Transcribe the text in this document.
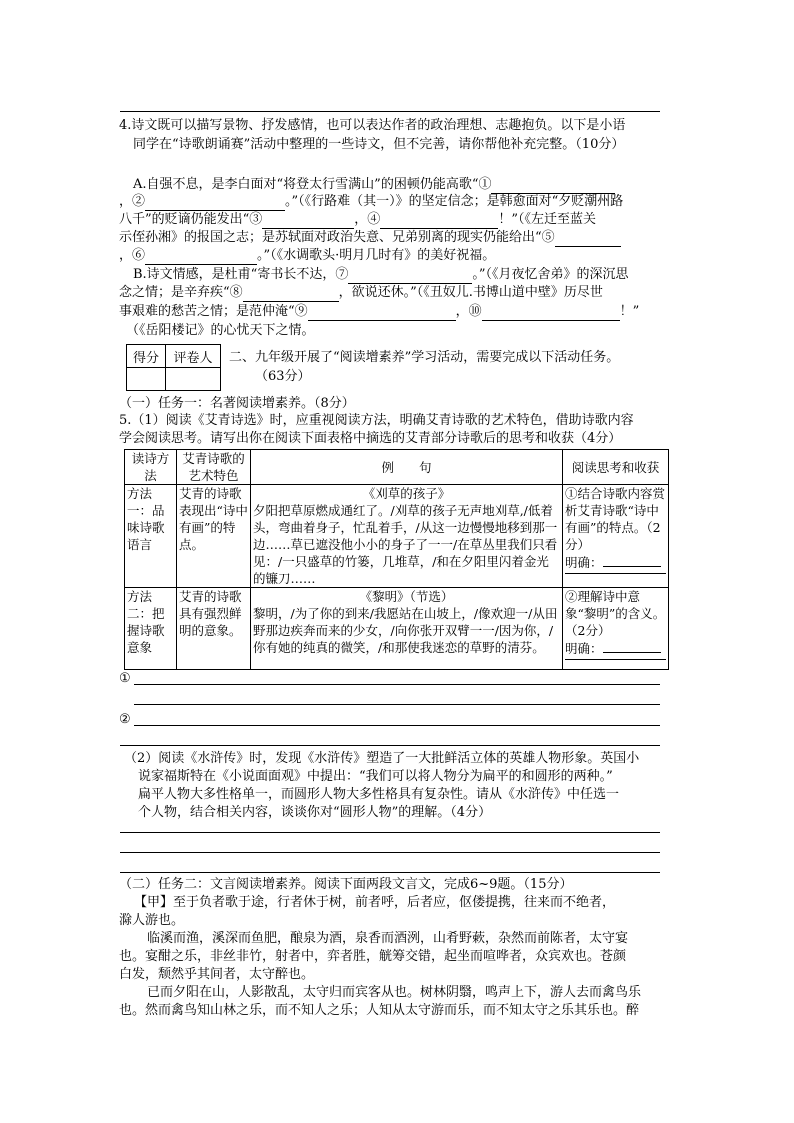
4.诗文既可以描写景物、抒发感情，也可以表达作者的政治理想、志趣抱负。以下是小语
同学在“诗歌朗诵赛”活动中整理的一些诗文，但不完善，请你帮他补充完整。（10分）
A.自强不息，是李白面对“将登太行雪满山”的困顿仍能高歌“①
，②	。”（《行路难（其一）》的坚定信念；是韩愈面对“夕贬潮州路
八千”的贬谪仍能发出“③	，④	！”（《左迁至蓝关
示侄孙湘》的报国之志；是苏轼面对政治失意、兄弟别离的现实仍能给出“⑤
，⑥	。”（《水调歌头·明月几时有》的美好祝福。
B.诗文情感，是杜甫“寄书长不达，⑦	。”（《月夜忆舍弟》的深沉思
念之情；是辛弃疾“⑧	，欲说还休。”（《丑奴儿.书博山道中壁》历尽世
事艰难的愁苦之情；是范仲淹“⑨	，⑩	！”
（《岳阳楼记》的心忧天下之情。
得分	评卷人
	二、九年级开展了“阅读增素养”学习活动，需要完成以下活动任务。
（63分）
（一）任务一：名著阅读增素养。（8分）
5.（1）阅读《艾青诗选》时，应重视阅读方法，明确艾青诗歌的艺术特色，借助诗歌内容
学会阅读思考。请写出你在阅读下面表格中摘选的艾青部分诗歌后的思考和收获（4分）
读诗方法	艾青诗歌的艺术特色	例　　句	阅读思考和收获
方法一：品味诗歌语言	艾青的诗歌表现出“诗中有画”的特点。	《刈草的孩子》
夕阳把草原燃成通红了。/刈草的孩子无声地刈草,/低着头，弯曲着身子，忙乱着手，/从这一边慢慢地移到那一边……草已遮没他小小的身子了一一/在草丛里我们只看见：/一只盛草的竹篓，几堆草，/和在夕阳里闪着金光的镰刀……	①结合诗歌内容赏析艾青诗歌“诗中有画”的特点。（2分）
明确：

方法二：把握诗歌意象	艾青的诗歌具有强烈鲜明的意象。	《黎明》（节选）
黎明，/为了你的到来/我愿站在山坡上，/像欢迎一/从田野那边疾奔而来的少女，/向你张开双臂一一/因为你，/你有她的纯真的微笑，/和那使我迷恋的草野的清芬。	②理解诗中意象“黎明”的含义。（2分）
明确：
①
②
（2）阅读《水浒传》时，发现《水浒传》塑造了一大批鲜活立体的英雄人物形象。英国小
说家福斯特在《小说面面观》中提出：“我们可以将人物分为扁平的和圆形的两种。”
扁平人物大多性格单一，而圆形人物大多性格具有复杂性。请从《水浒传》中任选一
个人物，结合相关内容，谈谈你对“圆形人物”的理解。（4分）
（二）任务二：文言阅读增素养。阅读下面两段文言文，完成6~9题。（15分）
【甲】至于负者歌于途，行者休于树，前者呼，后者应，伛偻提携，往来而不绝者，
滁人游也。
临溪而渔，溪深而鱼肥，酿泉为酒，泉香而酒洌，山肴野蔌，杂然而前陈者，太守宴
也。宴酣之乐，非丝非竹，射者中，弈者胜，觥筹交错，起坐而喧哗者，众宾欢也。苍颜
白发，颓然乎其间者，太守醉也。
已而夕阳在山，人影散乱，太守归而宾客从也。树林阴翳，鸣声上下，游人去而禽鸟乐
也。然而禽鸟知山林之乐，而不知人之乐；人知从太守游而乐，而不知太守之乐其乐也。醉
